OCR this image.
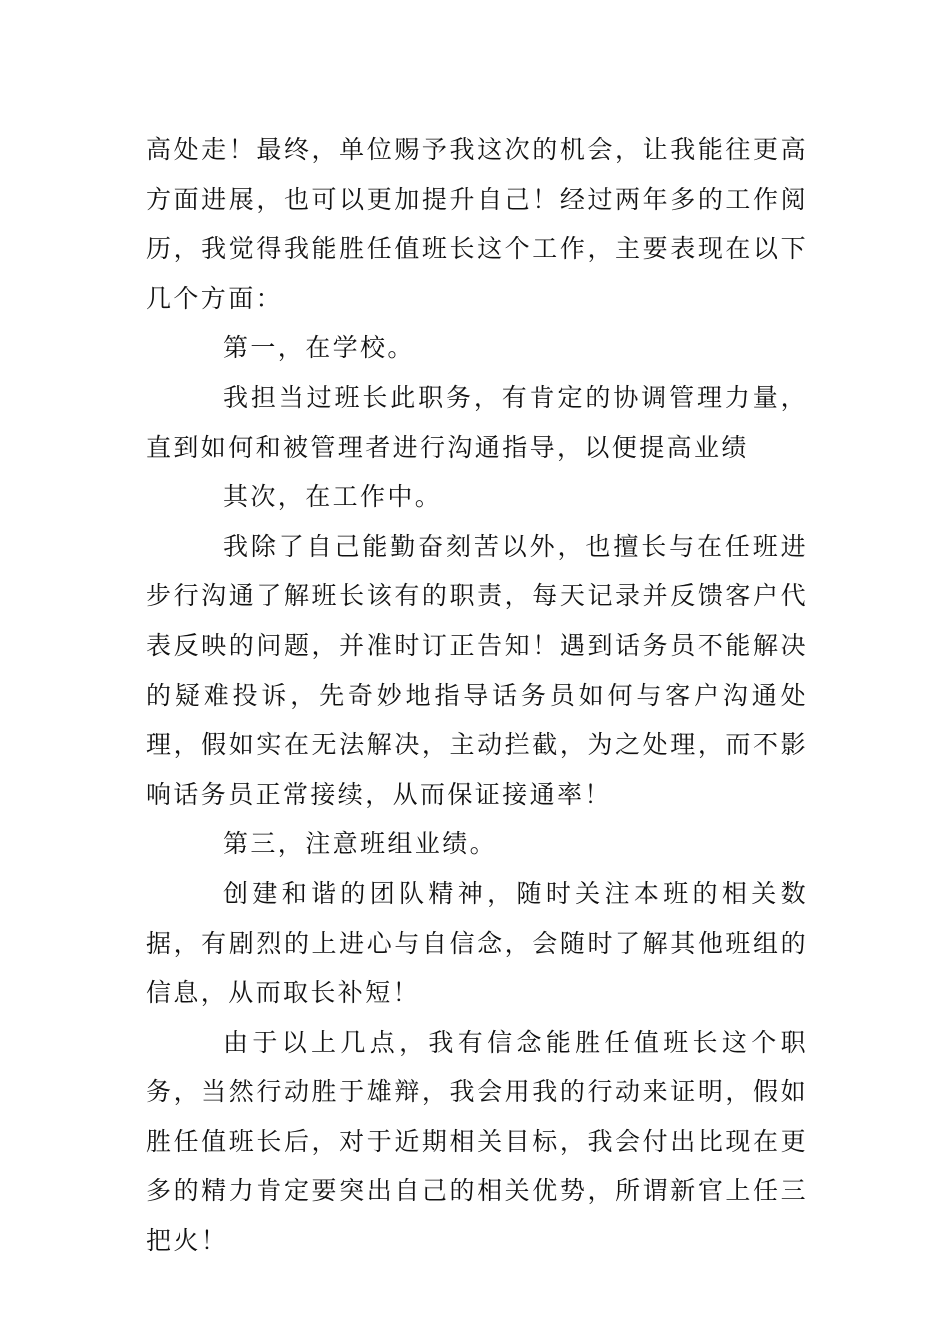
高处走！最终，单位赐予我这次的机会，让我能往更高方面进展，也可以更加提升自己！经过两年多的工作阅历，我觉得我能胜任值班长这个工作，主要表现在以下几个方面：

第一，在学校。

我担当过班长此职务，有肯定的协调管理力量，直到如何和被管理者进行沟通指导，以便提高业绩

其次，在工作中。

我除了自己能勤奋刻苦以外，也擅长与在任班进步行沟通了解班长该有的职责，每天记录并反馈客户代表反映的问题，并准时订正告知！遇到话务员不能解决的疑难投诉，先奇妙地指导话务员如何与客户沟通处理，假如实在无法解决，主动拦截，为之处理，而不影响话务员正常接续，从而保证接通率！

第三，注意班组业绩。

创建和谐的团队精神，随时关注本班的相关数据，有剧烈的上进心与自信念，会随时了解其他班组的信息，从而取长补短！

由于以上几点，我有信念能胜任值班长这个职务，当然行动胜于雄辩，我会用我的行动来证明，假如胜任值班长后，对于近期相关目标，我会付出比现在更多的精力肯定要突出自己的相关优势，所谓新官上任三把火！
